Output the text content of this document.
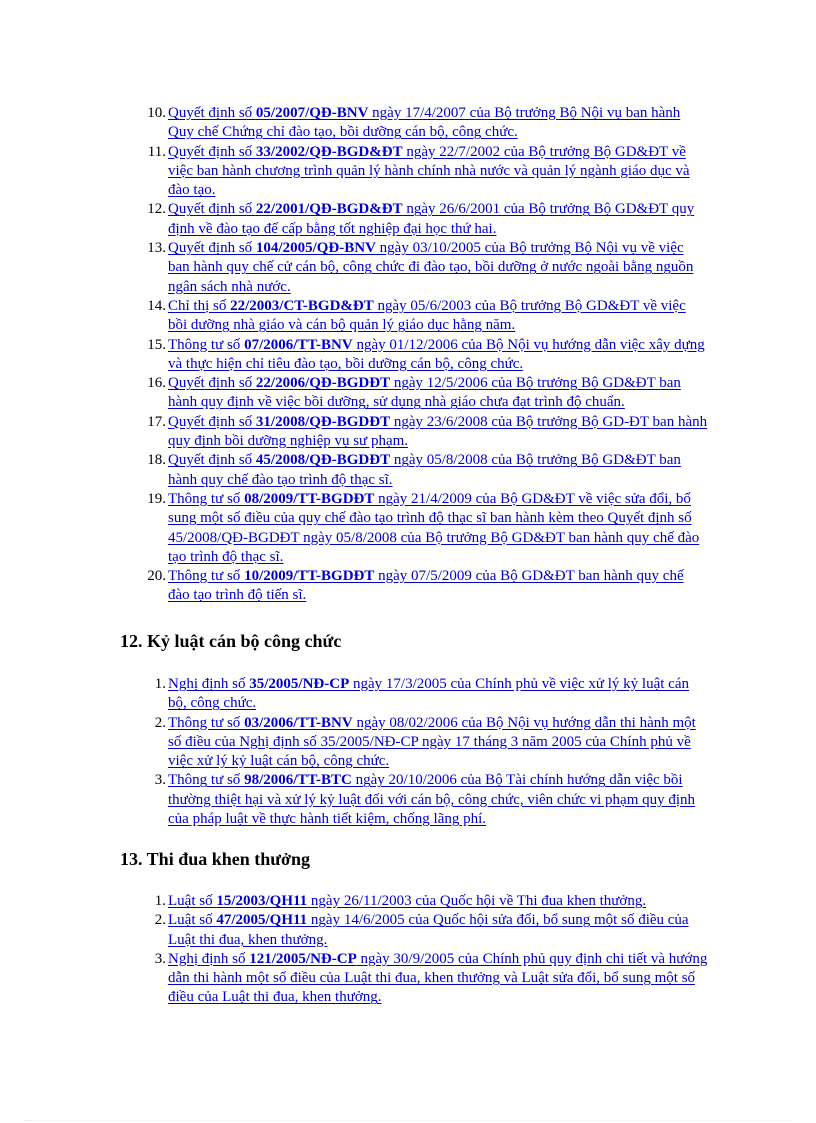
10. Quyết định số 05/2007/QĐ-BNV ngày 17/4/2007 của Bộ trưởng Bộ Nội vụ ban hành Quy chế Chứng chỉ đào tạo, bồi dưỡng cán bộ, công chức.
11. Quyết định số 33/2002/QĐ-BGD&ĐT ngày 22/7/2002 của Bộ trưởng Bộ GD&ĐT về việc ban hành chương trình quản lý hành chính nhà nước và quản lý ngành giáo dục và đào tạo.
12. Quyết định số 22/2001/QĐ-BGD&ĐT ngày 26/6/2001 của Bộ trưởng Bộ GD&ĐT quy định về đào tạo để cấp bằng tốt nghiệp đại học thứ hai.
13. Quyết định số 104/2005/QĐ-BNV ngày 03/10/2005 của Bộ trưởng Bộ Nội vụ về việc ban hành quy chế cử cán bộ, công chức đi đào tạo, bồi dưỡng ở nước ngoài bằng nguồn ngân sách nhà nước.
14. Chỉ thị số 22/2003/CT-BGD&ĐT ngày 05/6/2003 của Bộ trưởng Bộ GD&ĐT về việc bồi dưỡng nhà giáo và cán bộ quản lý giáo dục hằng năm.
15. Thông tư số 07/2006/TT-BNV ngày 01/12/2006 của Bộ Nội vụ hướng dẫn việc xây dựng và thực hiện chỉ tiêu đào tạo, bồi dưỡng cán bộ, công chức.
16. Quyết định số 22/2006/QĐ-BGDĐT ngày 12/5/2006 của Bộ trưởng Bộ GD&ĐT ban hành quy định về việc bồi dưỡng, sử dụng nhà giáo chưa đạt trình độ chuẩn.
17. Quyết định số 31/2008/QĐ-BGDĐT ngày 23/6/2008 của Bộ trưởng Bộ GD-ĐT ban hành quy định bồi dưỡng nghiệp vụ sư phạm.
18. Quyết định số 45/2008/QĐ-BGDĐT ngày 05/8/2008 của Bộ trưởng Bộ GD&ĐT ban hành quy chế đào tạo trình độ thạc sĩ.
19. Thông tư số 08/2009/TT-BGDĐT ngày 21/4/2009 của Bộ GD&ĐT về việc sửa đổi, bổ sung một số điều của quy chế đào tạo trình độ thạc sĩ ban hành kèm theo Quyết định số 45/2008/QĐ-BGDĐT ngày 05/8/2008 của Bộ trưởng Bộ GD&ĐT ban hành quy chế đào tạo trình độ thạc sĩ.
20. Thông tư số 10/2009/TT-BGDĐT ngày 07/5/2009 của Bộ GD&ĐT ban hành quy chế đào tạo trình độ tiến sĩ.
12. Kỷ luật cán bộ công chức
1. Nghị định số 35/2005/NĐ-CP ngày 17/3/2005 của Chính phủ về việc xử lý kỷ luật cán bộ, công chức.
2. Thông tư số 03/2006/TT-BNV ngày 08/02/2006 của Bộ Nội vụ hướng dẫn thi hành một số điều của Nghị định số 35/2005/NĐ-CP ngày 17 tháng 3 năm 2005 của Chính phủ về việc xử lý kỷ luật cán bộ, công chức.
3. Thông tư số 98/2006/TT-BTC ngày 20/10/2006 của Bộ Tài chính hướng dẫn việc bồi thường thiệt hại và xử lý kỷ luật đối với cán bộ, công chức, viên chức vi phạm quy định của pháp luật về thực hành tiết kiệm, chống lãng phí.
13. Thi đua khen thưởng
1. Luật số 15/2003/QH11 ngày 26/11/2003 của Quốc hội về Thi đua khen thưởng.
2. Luật số 47/2005/QH11 ngày 14/6/2005 của Quốc hội sửa đổi, bổ sung một số điều của Luật thi đua, khen thưởng.
3. Nghị định số 121/2005/NĐ-CP ngày 30/9/2005 của Chính phủ quy định chi tiết và hướng dẫn thi hành một số điều của Luật thi đua, khen thưởng và Luật sửa đổi, bổ sung một số điều của Luật thi đua, khen thưởng.
